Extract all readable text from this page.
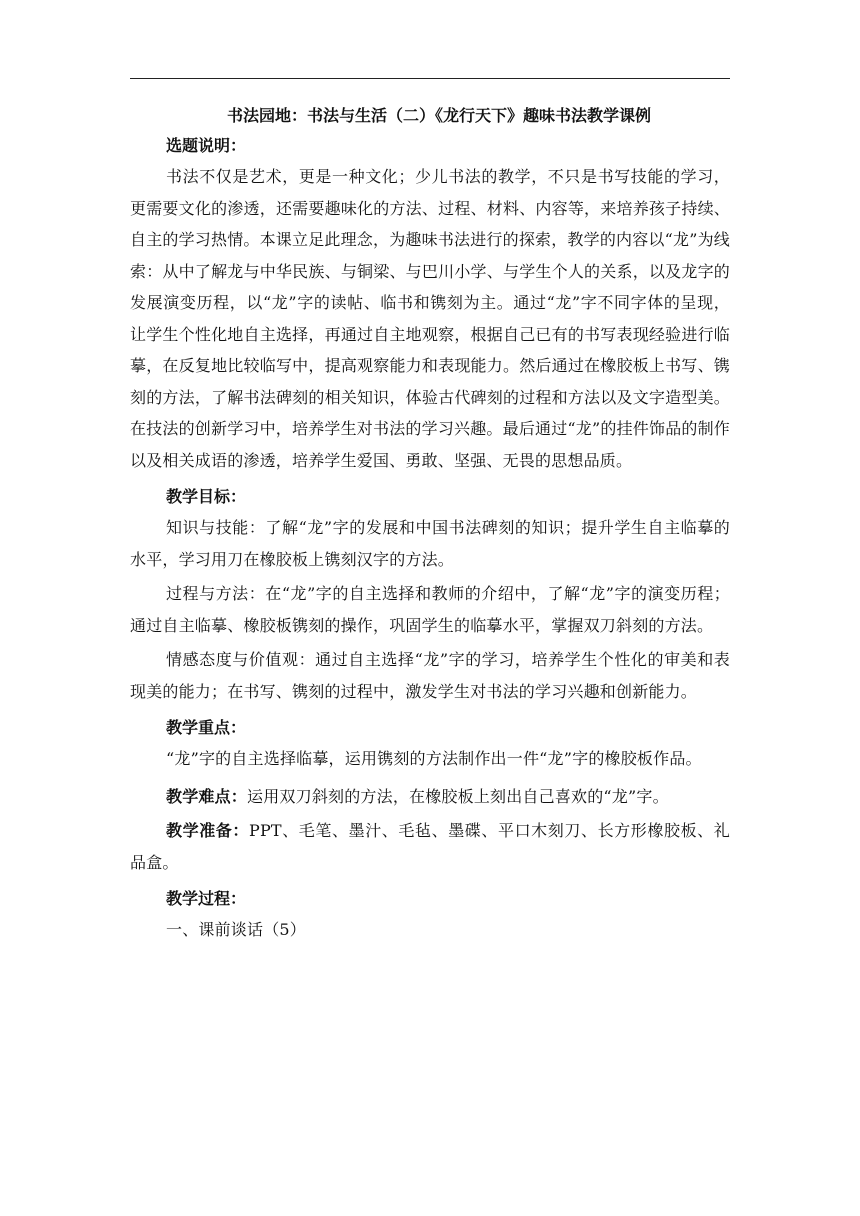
书法园地：书法与生活（二）《龙行天下》趣味书法教学课例

选题说明：

书法不仅是艺术，更是一种文化；少儿书法的教学，不只是书写技能的学习，更需要文化的渗透，还需要趣味化的方法、过程、材料、内容等，来培养孩子持续、自主的学习热情。本课立足此理念，为趣味书法进行的探索，教学的内容以“龙”为线索：从中了解龙与中华民族、与铜梁、与巴川小学、与学生个人的关系，以及龙字的发展演变历程，以“龙”字的读帖、临书和镌刻为主。通过“龙”字不同字体的呈现，让学生个性化地自主选择，再通过自主地观察，根据自己已有的书写表现经验进行临摹，在反复地比较临写中，提高观察能力和表现能力。然后通过在橡胶板上书写、镌刻的方法，了解书法碑刻的相关知识，体验古代碑刻的过程和方法以及文字造型美。在技法的创新学习中，培养学生对书法的学习兴趣。最后通过“龙”的挂件饰品的制作以及相关成语的渗透，培养学生爱国、勇敢、坚强、无畏的思想品质。

教学目标：

知识与技能：了解“龙”字的发展和中国书法碑刻的知识；提升学生自主临摹的水平，学习用刀在橡胶板上镌刻汉字的方法。

过程与方法：在“龙”字的自主选择和教师的介绍中，了解“龙”字的演变历程；通过自主临摹、橡胶板镌刻的操作，巩固学生的临摹水平，掌握双刀斜刻的方法。

情感态度与价值观：通过自主选择“龙”字的学习，培养学生个性化的审美和表现美的能力；在书写、镌刻的过程中，激发学生对书法的学习兴趣和创新能力。

教学重点：

“龙”字的自主选择临摹，运用镌刻的方法制作出一件“龙”字的橡胶板作品。

教学难点：运用双刀斜刻的方法，在橡胶板上刻出自己喜欢的“龙”字。

教学准备：PPT、毛笔、墨汁、毛毡、墨碟、平口木刻刀、长方形橡胶板、礼品盒。

教学过程：

一、课前谈话（5）
